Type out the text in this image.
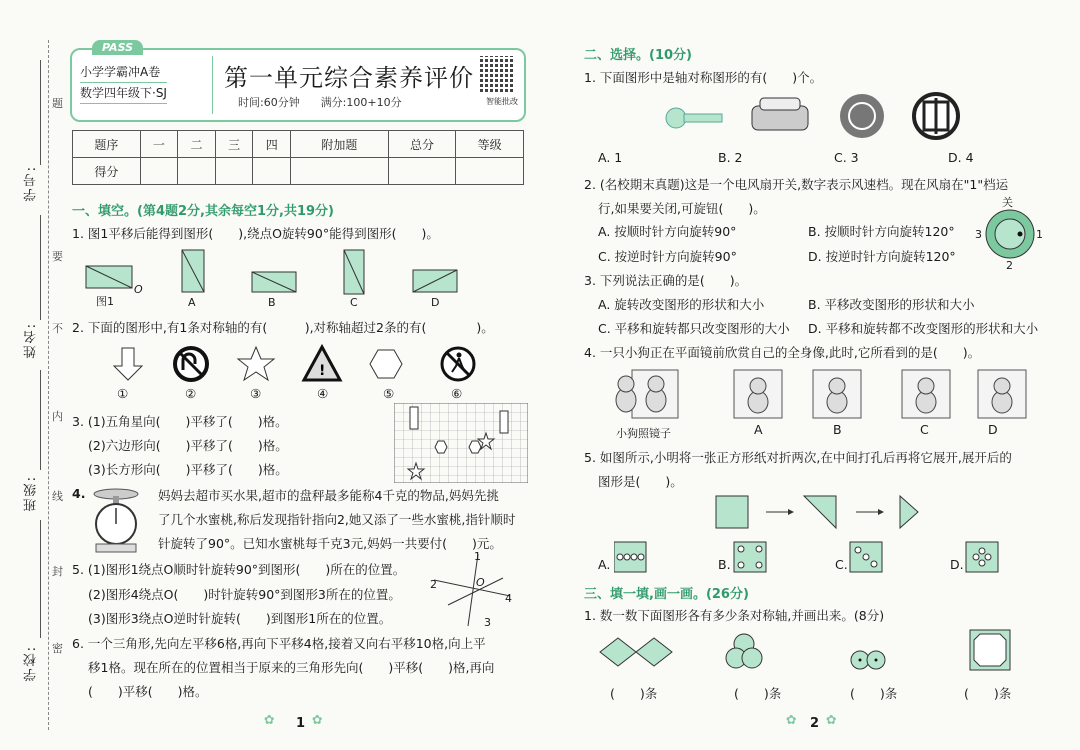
学号:
姓名:
班级:
学校:
题
要
不
内
线
封
密
PASS
小学学霸冲A卷
数学四年级下·SJ
第一单元综合素养评价
时间:60分钟 满分:100+10分	智能批改
题序	一	二	三	四	附加题	总分	等级
得分							
一、填空。(第4题2分,其余每空1分,共19分)
1. 图1平移后能得到图形(　　),绕点O旋转90°能得到图形(　　)。
图1
O
A	B	C	D
2. 下面的图形中,有1条对称轴的有(　　　),对称轴超过2条的有(　　　　)。
!
①	②	③	④	⑤	⑥
3. (1)五角星向(　　)平移了(　　)格。
(2)六边形向(　　)平移了(　　)格。
(3)长方形向(　　)平移了(　　)格。
4.	妈妈去超市买水果,超市的盘秤最多能称4千克的物品,妈妈先挑
了几个水蜜桃,称后发现指针指向2,她又添了一些水蜜桃,指针顺时
针旋转了90°。已知水蜜桃每千克3元,妈妈一共要付(　　)元。
5. (1)图形1绕点O顺时针旋转90°到图形(　　)所在的位置。
(2)图形4绕点O(　　)时针旋转90°到图形3所在的位置。
(3)图形3绕点O逆时针旋转(　　)到图形1所在的位置。
1
2	O
4
3
6. 一个三角形,先向左平移6格,再向下平移4格,接着又向右平移10格,向上平
移1格。现在所在的位置相当于原来的三角形先向(　　)平移(　　)格,再向
(　　)平移(　　)格。
1
✿	✿
二、选择。(10分)
1. 下面图形中是轴对称图形的有(　　)个。
A. 1	B. 2	C. 3	D. 4
2. (名校期末真题)这是一个电风扇开关,数字表示风速档。现在风扇在"1"档运
行,如果要关闭,可旋钮(　　)。
A. 按顺时针方向旋转90°	B. 按顺时针方向旋转120°
C. 按逆时针方向旋转90°	D. 按逆时针方向旋转120°
关
1
2
3
3. 下列说法正确的是(　　)。
A. 旋转改变图形的形状和大小	B. 平移改变图形的形状和大小
C. 平移和旋转都只改变图形的大小 D. 平移和旋转都不改变图形的形状和大小
4. 一只小狗正在平面镜前欣赏自己的全身像,此时,它所看到的是(　　)。
小狗照镜子	A	B	C	D
5. 如图所示,小明将一张正方形纸对折两次,在中间打孔后再将它展开,展开后的
图形是(　　)。
A.	B.	C.	D.
三、填一填,画一画。(26分)
1. 数一数下面图形各有多少条对称轴,并画出来。(8分)
(　　)条	(　　)条	(　　)条	(　　)条
2
✿ ✿
